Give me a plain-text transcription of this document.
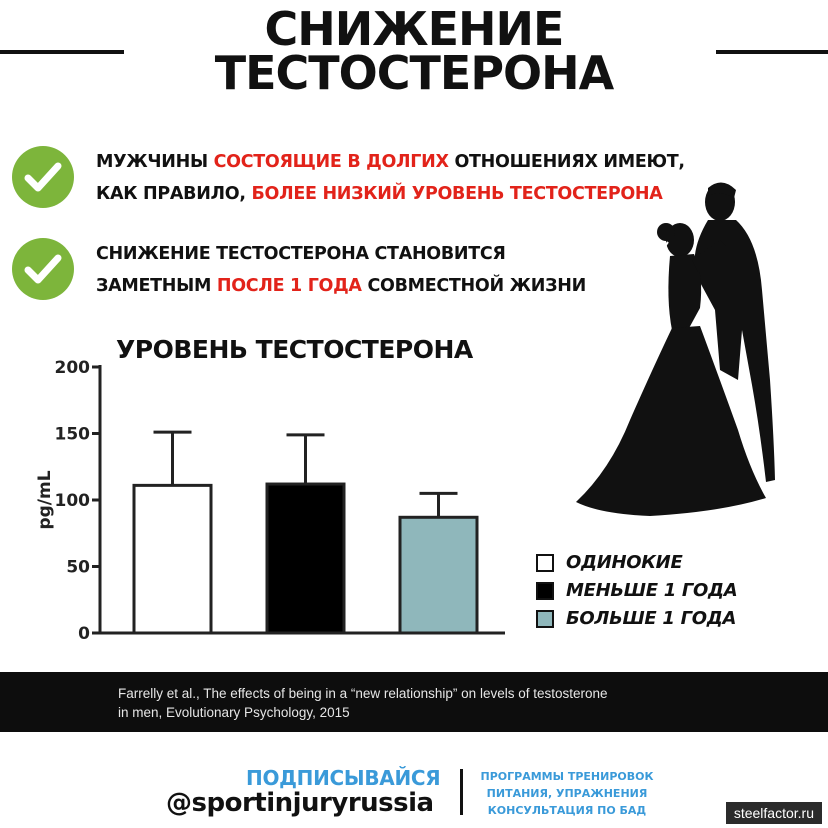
СНИЖЕНИЕ
ТЕСТОСТЕРОНА
МУЖЧИНЫ СОСТОЯЩИЕ В ДОЛГИХ ОТНОШЕНИЯХ ИМЕЮТ,
КАК ПРАВИЛО, БОЛЕЕ НИЗКИЙ УРОВЕНЬ ТЕСТОСТЕРОНА
СНИЖЕНИЕ ТЕСТОСТЕРОНА СТАНОВИТСЯ
ЗАМЕТНЫМ ПОСЛЕ 1 ГОДА СОВМЕСТНОЙ ЖИЗНИ
УРОВЕНЬ ТЕСТОСТЕРОНА
0
50
100
150
200
pg/mL
ОДИНОКИЕ
МЕНЬШЕ 1 ГОДА
БОЛЬШЕ 1 ГОДА
Farrelly et al., The effects of being in a “new relationship” on levels of testosterone
in men, Evolutionary Psychology, 2015
ПОДПИСЫВАЙСЯ
@sportinjuryrussia
ПРОГРАММЫ ТРЕНИРОВОК
ПИТАНИЯ, УПРАЖНЕНИЯ
КОНСУЛЬТАЦИЯ ПО БАД	steelfactor.ru
